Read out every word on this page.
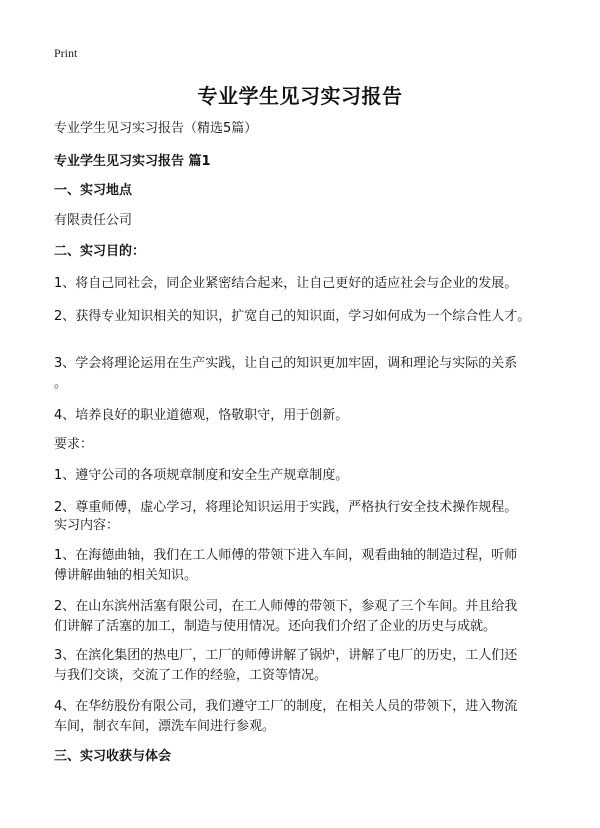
Print
专业学生见习实习报告
专业学生见习实习报告（精选5篇）
专业学生见习实习报告 篇1
一、实习地点
有限责任公司
二、实习目的：
1、将自己同社会，同企业紧密结合起来，让自己更好的适应社会与企业的发展。
2、获得专业知识相关的知识，扩宽自己的知识面，学习如何成为一个综合性人才。
3、学会将理论运用在生产实践，让自己的知识更加牢固，调和理论与实际的关系
。
4、培养良好的职业道德观，恪敬职守，用于创新。
要求：
1、遵守公司的各项规章制度和安全生产规章制度。
2、尊重师傅，虚心学习，将理论知识运用于实践，严格执行安全技术操作规程。
实习内容：
1、在海德曲轴，我们在工人师傅的带领下进入车间，观看曲轴的制造过程，听师
傅讲解曲轴的相关知识。
2、在山东滨州活塞有限公司，在工人师傅的带领下，参观了三个车间。并且给我
们讲解了活塞的加工，制造与使用情况。还向我们介绍了企业的历史与成就。
3、在滨化集团的热电厂，工厂的师傅讲解了锅炉，讲解了电厂的历史，工人们还
与我们交谈，交流了工作的经验，工资等情况。
4、在华纺股份有限公司，我们遵守工厂的制度，在相关人员的带领下，进入物流
车间，制衣车间，漂洗车间进行参观。
三、实习收获与体会
